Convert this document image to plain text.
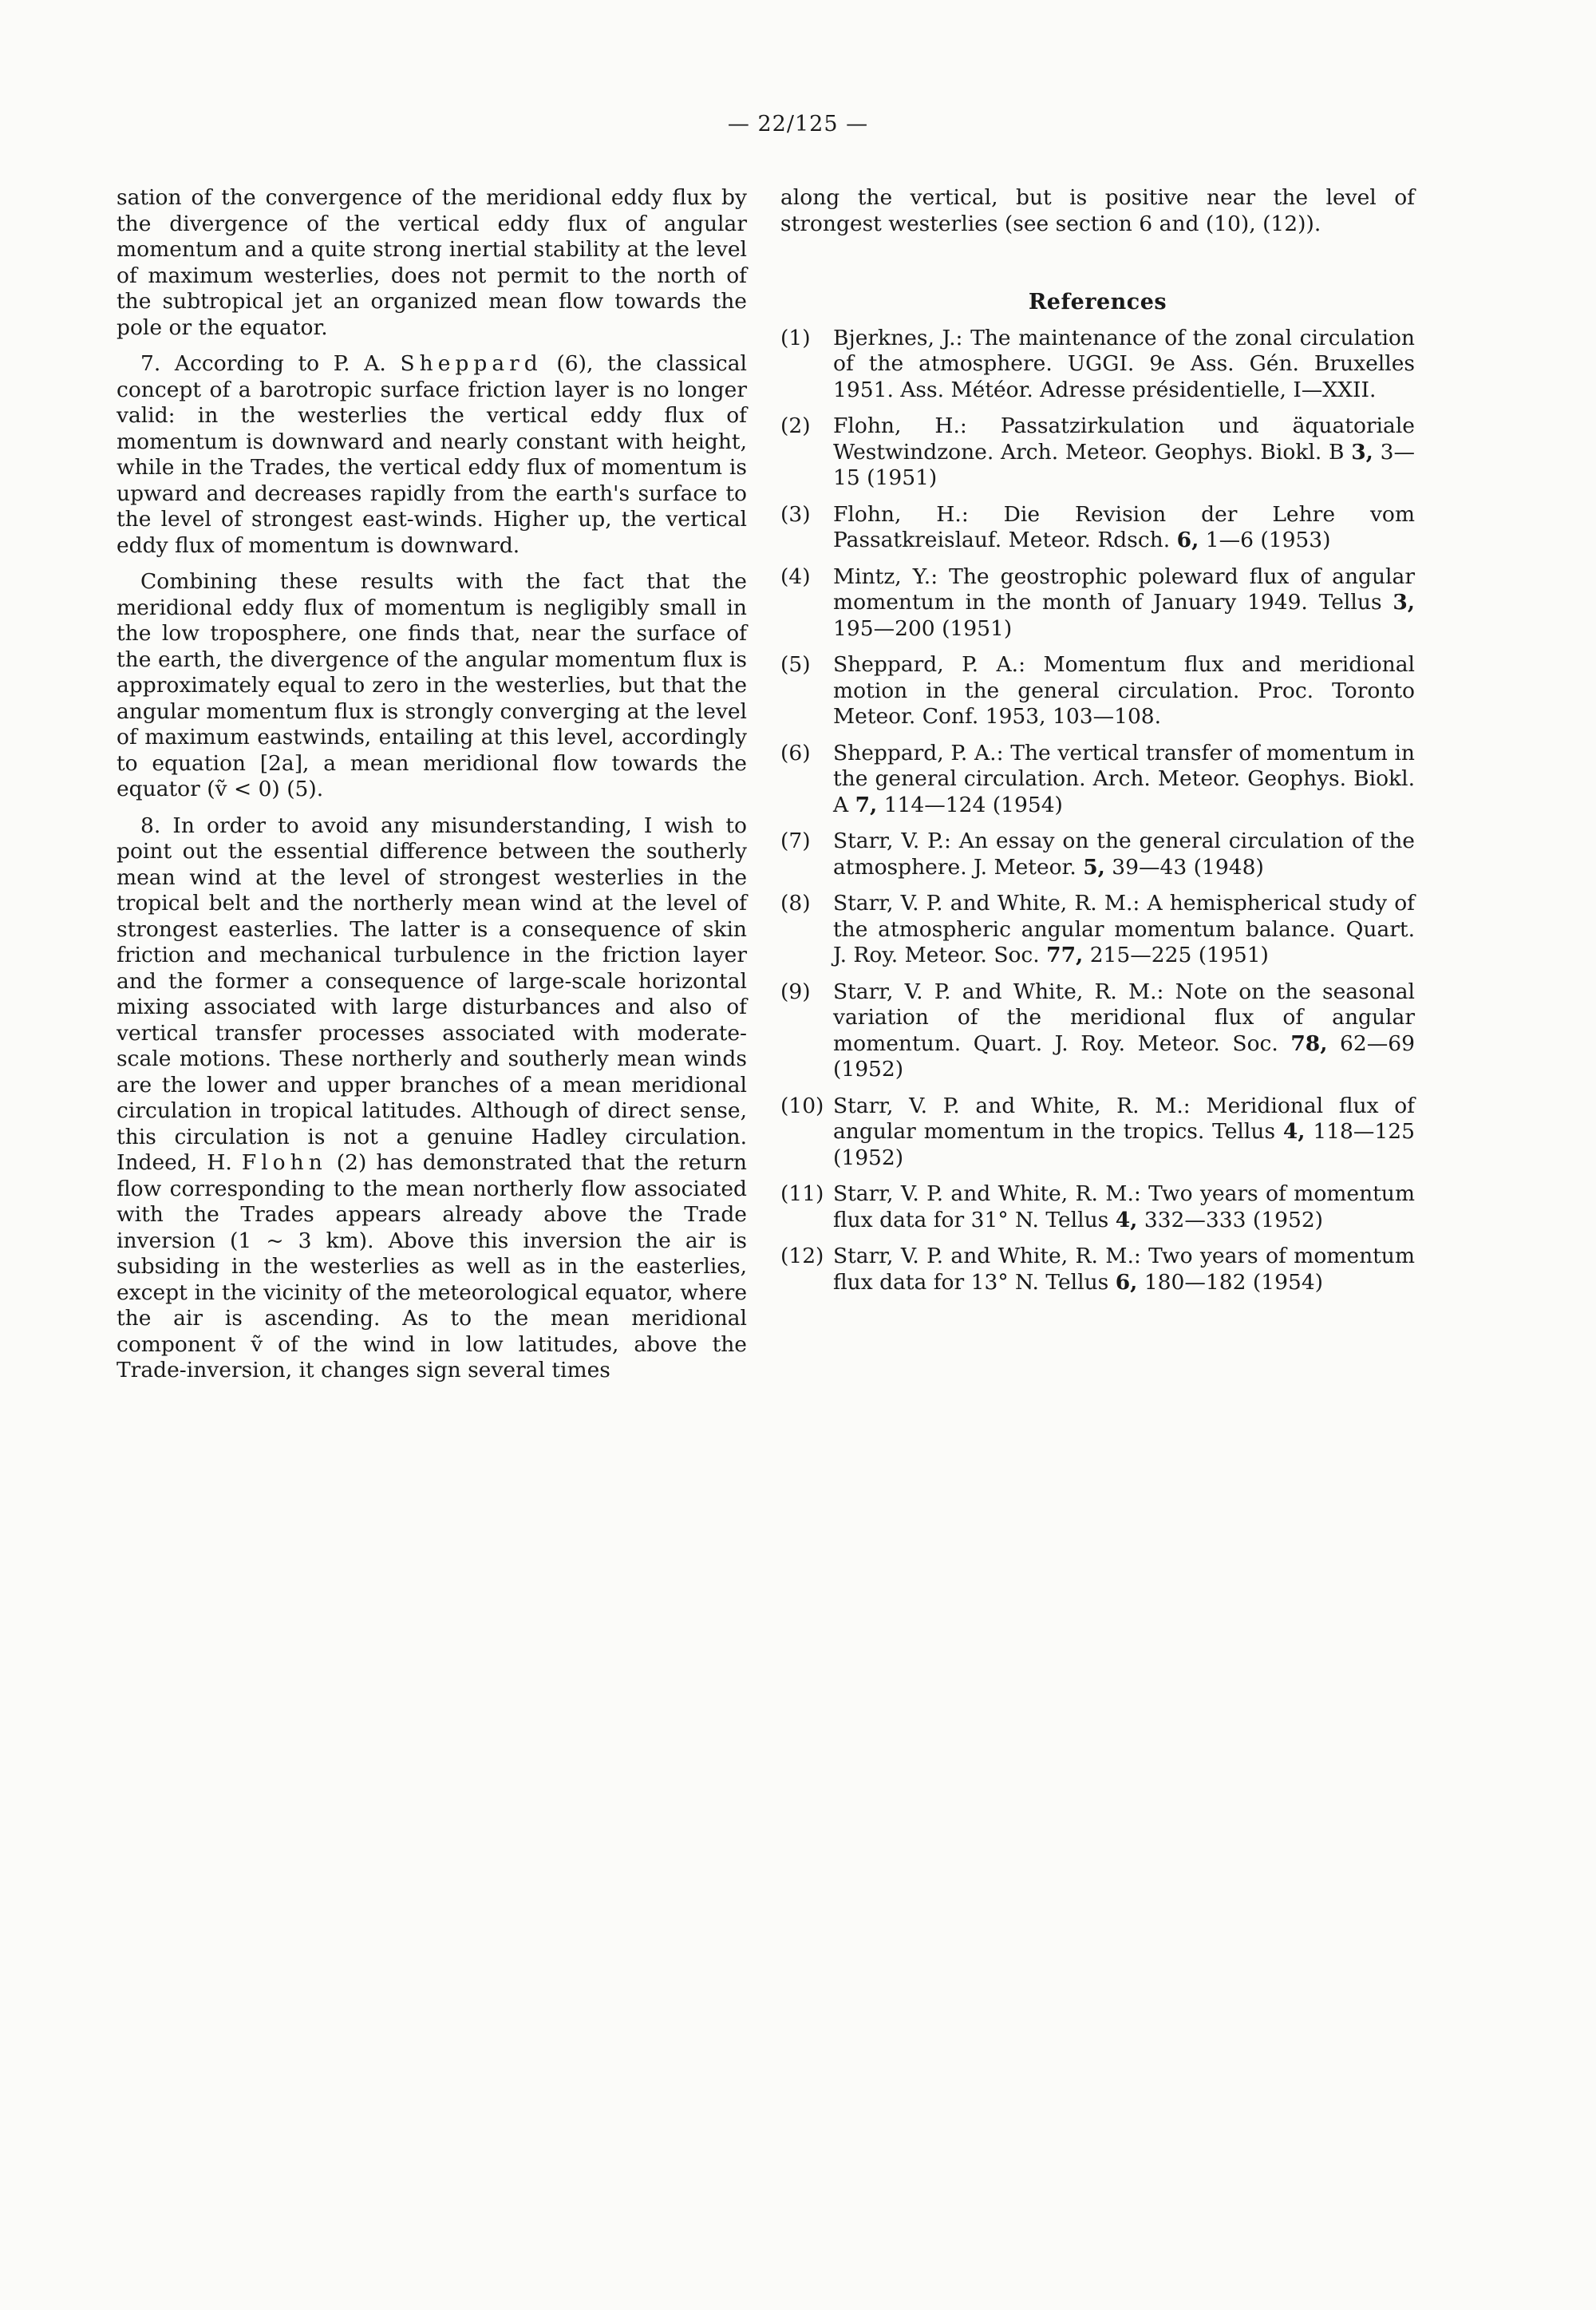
— 22/125 —

sation of the convergence of the meridional eddy flux by the divergence of the vertical eddy flux of angular momentum and a quite strong inertial stability at the level of maximum westerlies, does not permit to the north of the subtropical jet an organized mean flow towards the pole or the equator.

7. According to P. A. Sheppard (6), the classical concept of a barotropic surface friction layer is no longer valid: in the westerlies the vertical eddy flux of momentum is downward and nearly constant with height, while in the Trades, the vertical eddy flux of momentum is upward and decreases rapidly from the earth's surface to the level of strongest east-winds. Higher up, the vertical eddy flux of momentum is downward.

Combining these results with the fact that the meridional eddy flux of momentum is negligibly small in the low troposphere, one finds that, near the surface of the earth, the divergence of the angular momentum flux is approximately equal to zero in the westerlies, but that the angular momentum flux is strongly converging at the level of maximum eastwinds, entailing at this level, accordingly to equation [2a], a mean meridional flow towards the equator (ṽ < 0) (5).

8. In order to avoid any misunderstanding, I wish to point out the essential difference between the southerly mean wind at the level of strongest westerlies in the tropical belt and the northerly mean wind at the level of strongest easterlies. The latter is a consequence of skin friction and mechanical turbulence in the friction layer and the former a consequence of large-scale horizontal mixing associated with large disturbances and also of vertical transfer processes associated with moderate-scale motions. These northerly and southerly mean winds are the lower and upper branches of a mean meridional circulation in tropical latitudes. Although of direct sense, this circulation is not a genuine Hadley circulation. Indeed, H. Flohn (2) has demonstrated that the return flow corresponding to the mean northerly flow associated with the Trades appears already above the Trade inversion (1 ~ 3 km). Above this inversion the air is subsiding in the westerlies as well as in the easterlies, except in the vicinity of the meteorological equator, where the air is ascending. As to the mean meridional component ṽ of the wind in low latitudes, above the Trade-inversion, it changes sign several times

along the vertical, but is positive near the level of strongest westerlies (see section 6 and (10), (12)).

References
(1)	Bjerknes, J.: The maintenance of the zonal circulation of the atmosphere. UGGI. 9e Ass. Gén. Bruxelles 1951. Ass. Météor. Adresse présidentielle, I—XXII.
(2)	Flohn, H.: Passatzirkulation und äquatoriale Westwindzone. Arch. Meteor. Geophys. Biokl. B 3, 3—15 (1951)
(3)	Flohn, H.: Die Revision der Lehre vom Passatkreislauf. Meteor. Rdsch. 6, 1—6 (1953)
(4)	Mintz, Y.: The geostrophic poleward flux of angular momentum in the month of January 1949. Tellus 3, 195—200 (1951)
(5)	Sheppard, P. A.: Momentum flux and meridional motion in the general circulation. Proc. Toronto Meteor. Conf. 1953, 103—108.
(6)	Sheppard, P. A.: The vertical transfer of momentum in the general circulation. Arch. Meteor. Geophys. Biokl. A 7, 114—124 (1954)
(7)	Starr, V. P.: An essay on the general circulation of the atmosphere. J. Meteor. 5, 39—43 (1948)
(8)	Starr, V. P. and White, R. M.: A hemispherical study of the atmospheric angular momentum balance. Quart. J. Roy. Meteor. Soc. 77, 215—225 (1951)
(9)	Starr, V. P. and White, R. M.: Note on the seasonal variation of the meridional flux of angular momentum. Quart. J. Roy. Meteor. Soc. 78, 62—69 (1952)
(10) Starr, V. P. and White, R. M.: Meridional flux of angular momentum in the tropics. Tellus 4, 118—125 (1952)
(11) Starr, V. P. and White, R. M.: Two years of momentum flux data for 31° N. Tellus 4, 332—333 (1952)
(12) Starr, V. P. and White, R. M.: Two years of momentum flux data for 13° N. Tellus 6, 180—182 (1954)
